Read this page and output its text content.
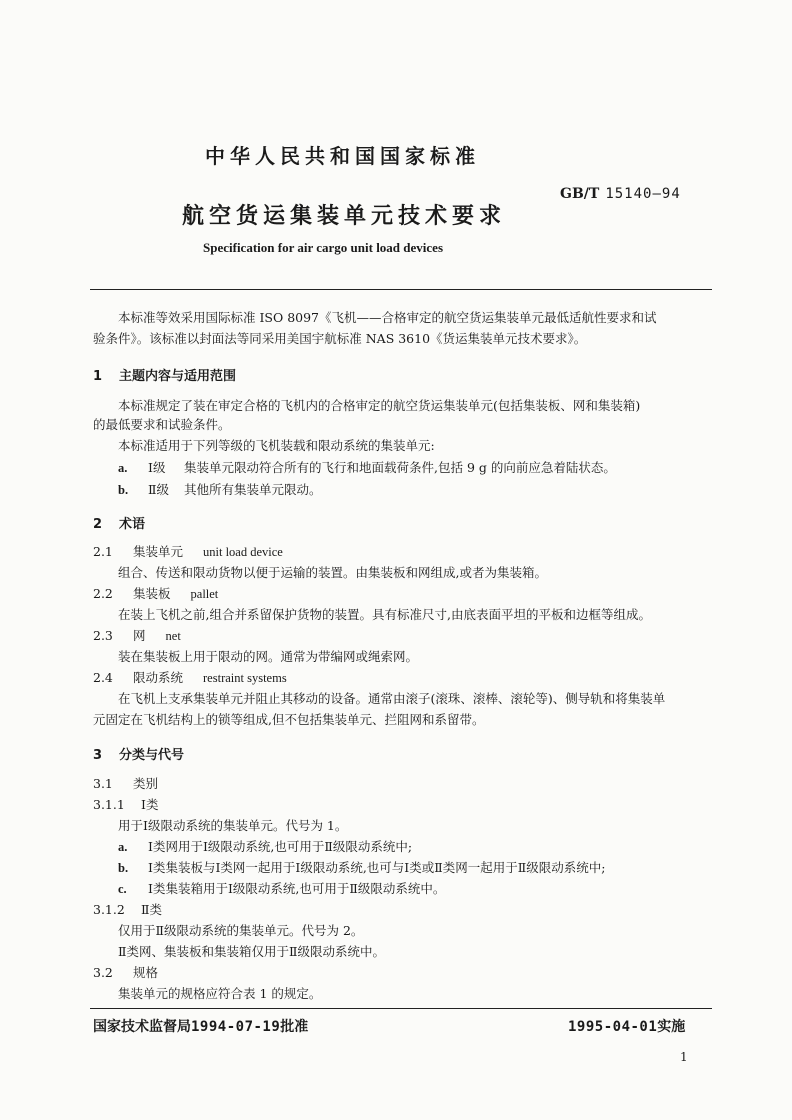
中华人民共和国国家标准
GB/T 15140—94
航空货运集装单元技术要求
Specification for air cargo unit load devices
本标准等效采用国际标准 ISO 8097《飞机——合格审定的航空货运集装单元最低适航性要求和试
验条件》。该标准以封面法等同采用美国宇航标准 NAS 3610《货运集装单元技术要求》。
1 主题内容与适用范围
本标准规定了装在审定合格的飞机内的合格审定的航空货运集装单元(包括集装板、网和集装箱)
的最低要求和试验条件。
本标准适用于下列等级的飞机装载和限动系统的集装单元:
a. Ⅰ级 集装单元限动符合所有的飞行和地面载荷条件,包括 9 g 的向前应急着陆状态。
b. Ⅱ级 其他所有集装单元限动。
2 术语
2.1 集装单元 unit load device
组合、传送和限动货物以便于运输的装置。由集装板和网组成,或者为集装箱。
2.2 集装板 pallet
在装上飞机之前,组合并系留保护货物的装置。具有标准尺寸,由底表面平坦的平板和边框等组成。
2.3 网 net
装在集装板上用于限动的网。通常为带编网或绳索网。
2.4 限动系统 restraint systems
在飞机上支承集装单元并阻止其移动的设备。通常由滚子(滚珠、滚棒、滚轮等)、侧导轨和将集装单
元固定在飞机结构上的锁等组成,但不包括集装单元、拦阻网和系留带。
3 分类与代号
3.1 类别
3.1.1 Ⅰ类
用于Ⅰ级限动系统的集装单元。代号为 1。
a. Ⅰ类网用于Ⅰ级限动系统,也可用于Ⅱ级限动系统中;
b. Ⅰ类集装板与Ⅰ类网一起用于Ⅰ级限动系统,也可与Ⅰ类或Ⅱ类网一起用于Ⅱ级限动系统中;
c. Ⅰ类集装箱用于Ⅰ级限动系统,也可用于Ⅱ级限动系统中。
3.1.2 Ⅱ类
仅用于Ⅱ级限动系统的集装单元。代号为 2。
Ⅱ类网、集装板和集装箱仅用于Ⅱ级限动系统中。
3.2 规格
集装单元的规格应符合表 1 的规定。
国家技术监督局1994-07-19批准	1995-04-01实施
1
